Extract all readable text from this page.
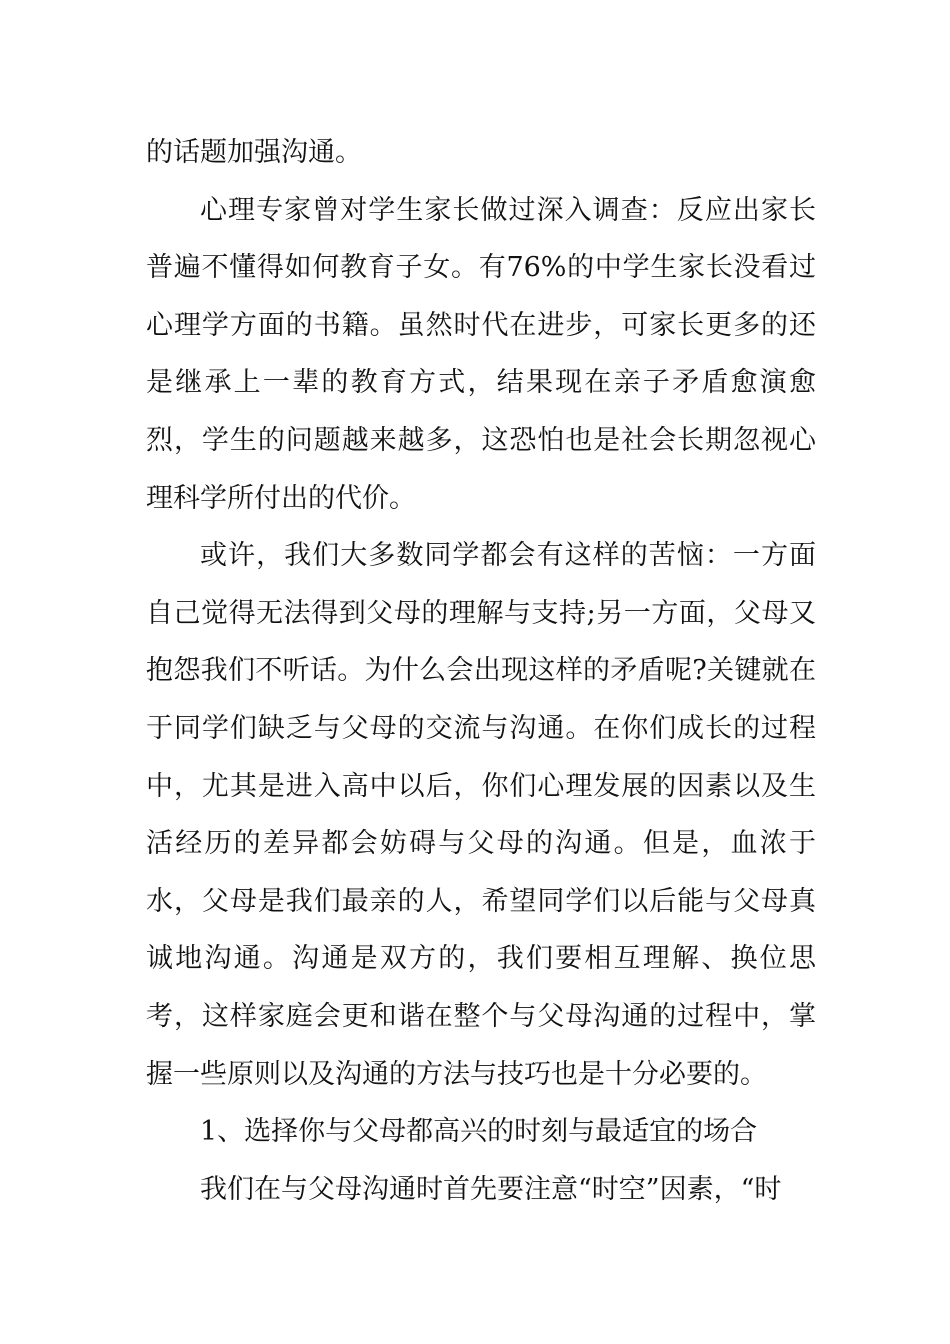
的话题加强沟通。

心理专家曾对学生家长做过深入调查：反应出家长普遍不懂得如何教育子女。有76%的中学生家长没看过心理学方面的书籍。虽然时代在进步，可家长更多的还是继承上一辈的教育方式，结果现在亲子矛盾愈演愈烈，学生的问题越来越多，这恐怕也是社会长期忽视心理科学所付出的代价。

或许，我们大多数同学都会有这样的苦恼：一方面自己觉得无法得到父母的理解与支持;另一方面，父母又抱怨我们不听话。为什么会出现这样的矛盾呢?关键就在于同学们缺乏与父母的交流与沟通。在你们成长的过程中，尤其是进入高中以后，你们心理发展的因素以及生活经历的差异都会妨碍与父母的沟通。但是，血浓于水，父母是我们最亲的人，希望同学们以后能与父母真诚地沟通。沟通是双方的，我们要相互理解、换位思考，这样家庭会更和谐在整个与父母沟通的过程中，掌握一些原则以及沟通的方法与技巧也是十分必要的。

1、选择你与父母都高兴的时刻与最适宜的场合

我们在与父母沟通时首先要注意“时空”因素，“时
